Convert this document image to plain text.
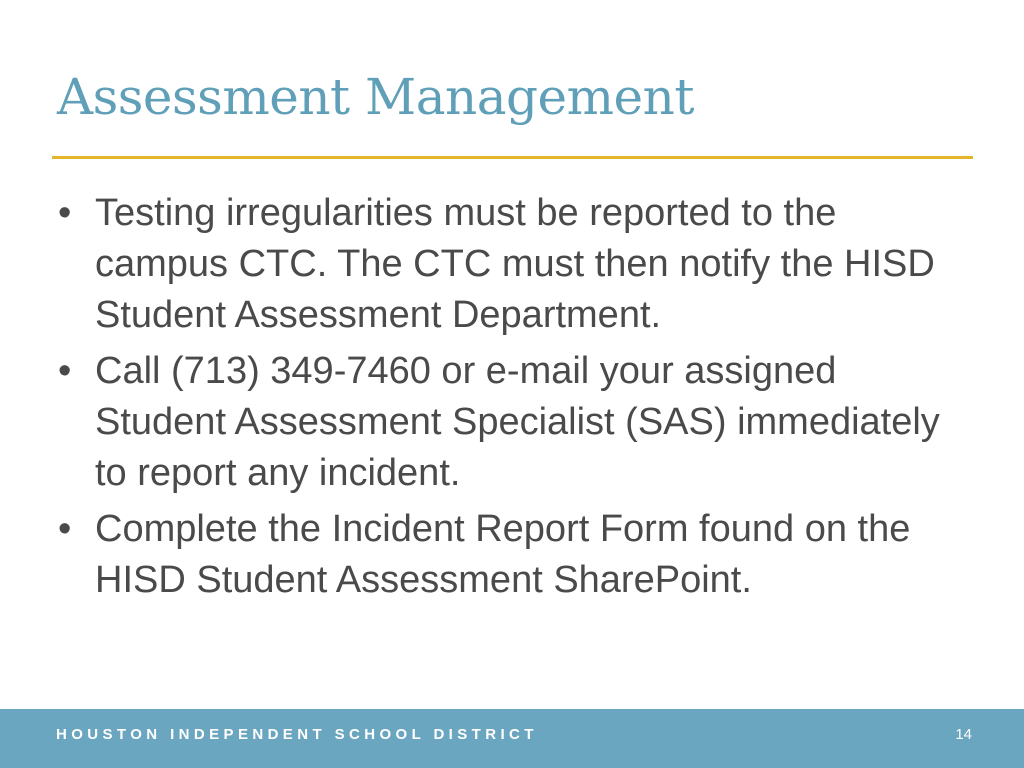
Assessment Management
• Testing irregularities must be reported to the campus CTC. The CTC must then notify the HISD Student Assessment Department.
• Call (713) 349-7460 or e-mail your assigned Student Assessment Specialist (SAS) immediately to report any incident.
• Complete the Incident Report Form found on the HISD Student Assessment SharePoint.
HOUSTON INDEPENDENT SCHOOL DISTRICT	14
